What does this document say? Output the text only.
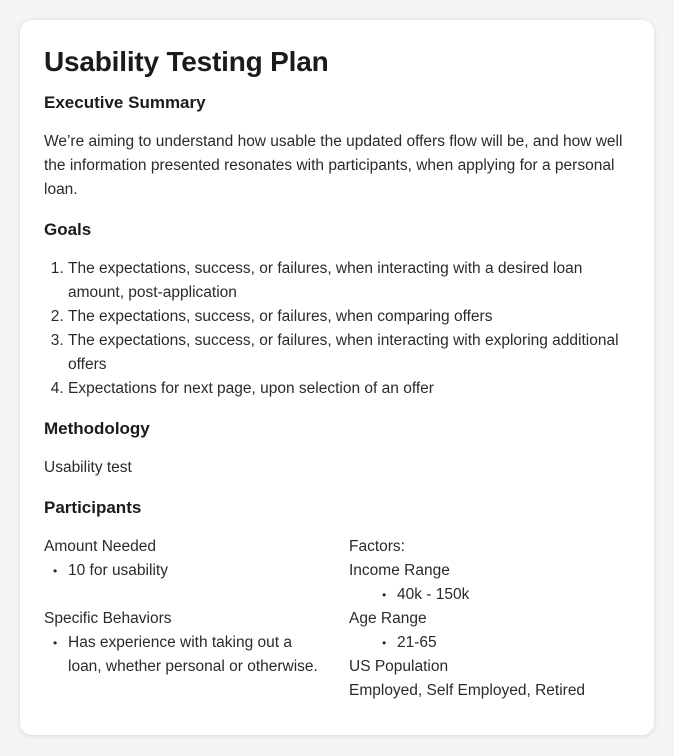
Usability Testing Plan
Executive Summary

We’re aiming to understand how usable the updated offers flow will be, and how well the information presented resonates with participants, when applying for a personal loan.

Goals
1. The expectations, success, or failures, when interacting with a desired loan amount, post-application
2. The expectations, success, or failures, when comparing offers
3. The expectations, success, or failures, when interacting with exploring additional offers
4. Expectations for next page, upon selection of an offer
Methodology

Usability test

Participants
Amount Needed
• 10 for usability
Specific Behaviors
• Has experience with taking out a loan, whether personal or otherwise.
Factors:
Income Range
• 40k - 150k
Age Range
• 21-65
US Population
Employed, Self Employed, Retired
